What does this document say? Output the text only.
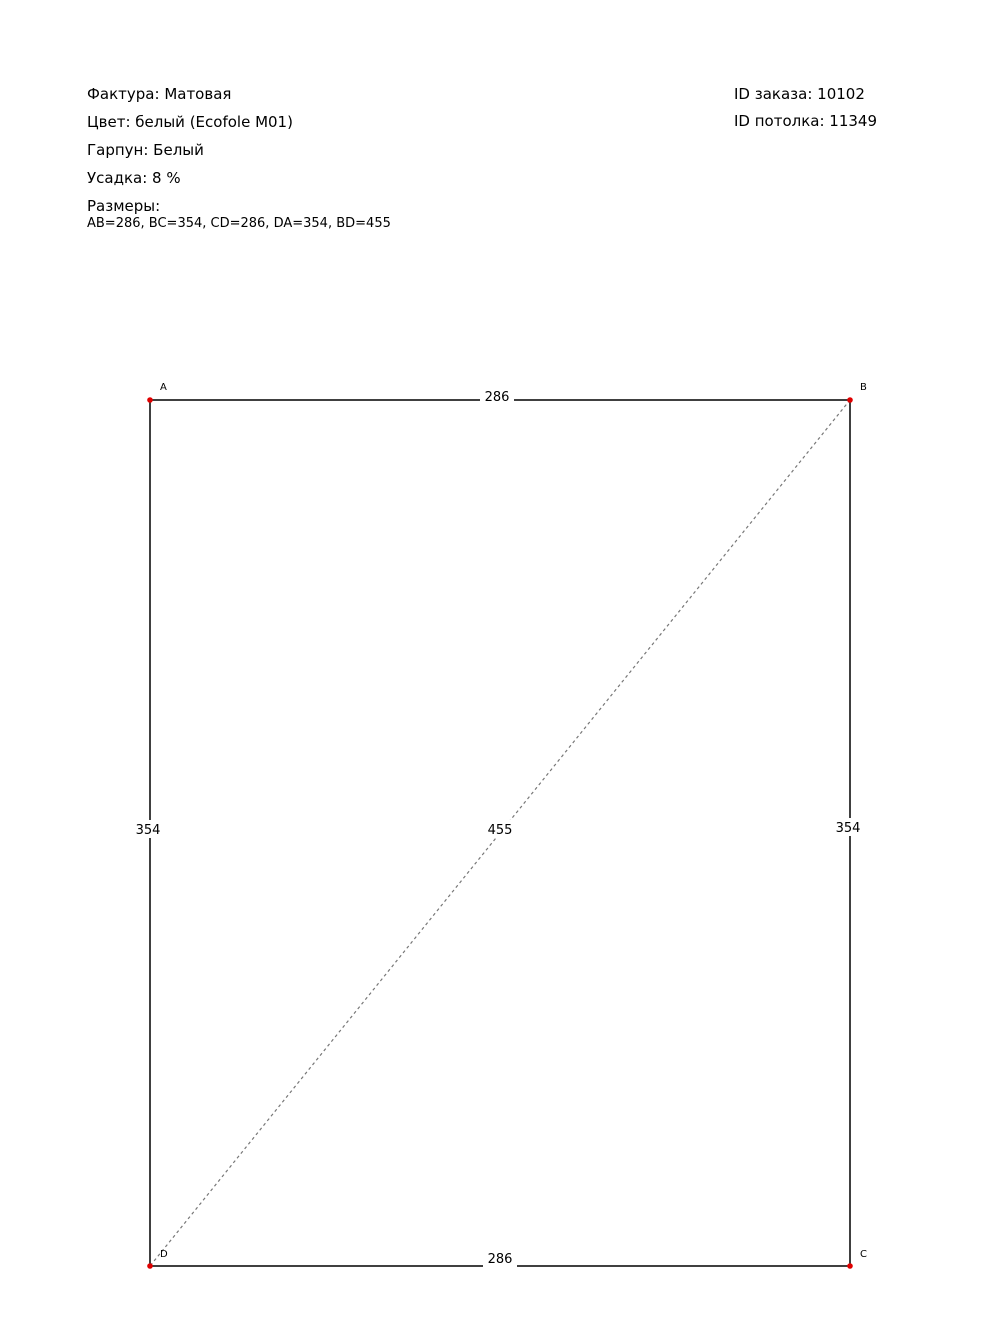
Фактура: Матовая
Цвет: белый (Ecofole M01)
Гарпун: Белый
Усадка: 8 %
Размеры:
AB=286, BC=354, CD=286, DA=354, BD=455
ID заказа: 10102
ID потолка: 11349
286
354
286
354	455
A	B
C
D
